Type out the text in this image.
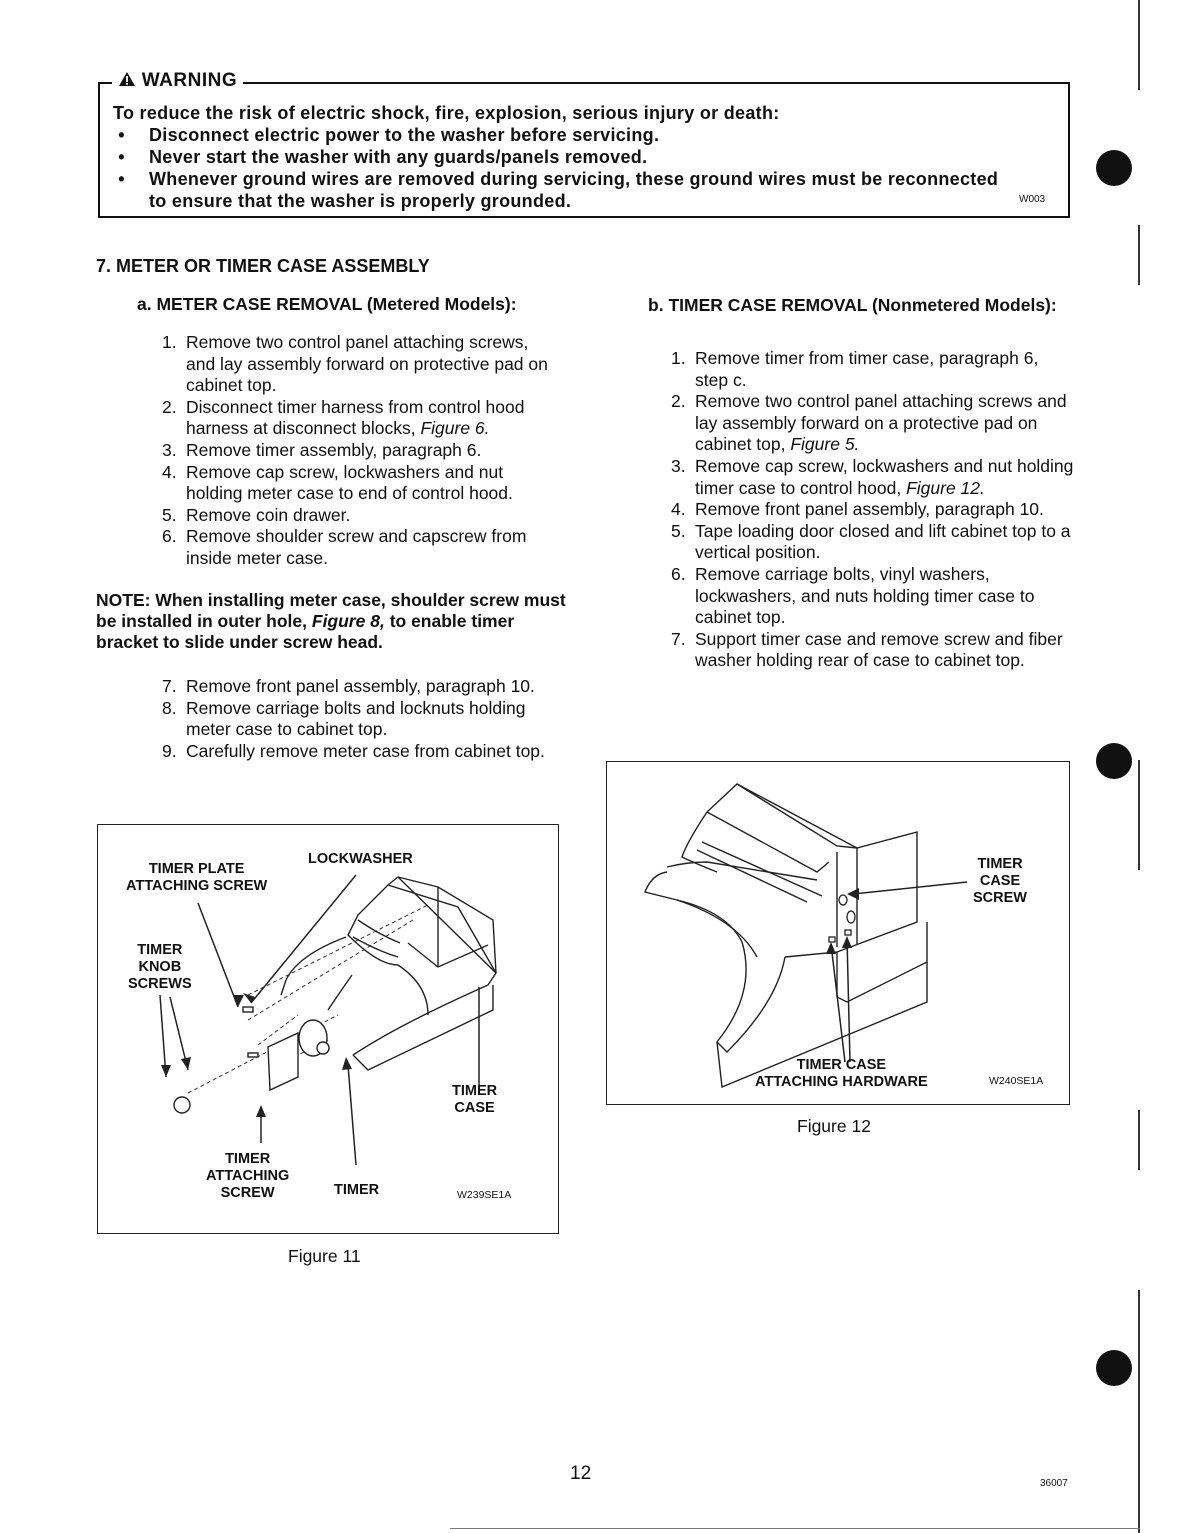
WARNING
To reduce the risk of electric shock, fire, explosion, serious injury or death:
• Disconnect electric power to the washer before servicing.
• Never start the washer with any guards/panels removed.
• Whenever ground wires are removed during servicing, these ground wires must be reconnected to ensure that the washer is properly grounded.	W003
7. METER OR TIMER CASE ASSEMBLY
a. METER CASE REMOVAL (Metered Models):
1. Remove two control panel attaching screws, and lay assembly forward on protective pad on cabinet top.
2. Disconnect timer harness from control hood harness at disconnect blocks, Figure 6.
3. Remove timer assembly, paragraph 6.
4. Remove cap screw, lockwashers and nut holding meter case to end of control hood.
5. Remove coin drawer.
6. Remove shoulder screw and capscrew from inside meter case.
NOTE: When installing meter case, shoulder screw must be installed in outer hole, Figure 8, to enable timer bracket to slide under screw head.
7. Remove front panel assembly, paragraph 10.
8. Remove carriage bolts and locknuts holding meter case to cabinet top.
9. Carefully remove meter case from cabinet top.
b. TIMER CASE REMOVAL (Nonmetered Models):
1. Remove timer from timer case, paragraph 6, step c.
2. Remove two control panel attaching screws and lay assembly forward on a protective pad on cabinet top, Figure 5.
3. Remove cap screw, lockwashers and nut holding timer case to control hood, Figure 12.
4. Remove front panel assembly, paragraph 10.
5. Tape loading door closed and lift cabinet top to a vertical position.
6. Remove carriage bolts, vinyl washers, lockwashers, and nuts holding timer case to cabinet top.
7. Support timer case and remove screw and fiber washer holding rear of case to cabinet top.
TIMER PLATE
ATTACHING SCREW
LOCKWASHER
TIMER
KNOB
SCREWS
TIMER
CASE
TIMER
ATTACHING
SCREW	TIMER	W239SE1A
Figure 11
TIMER
CASE
SCREW
TIMER CASE
ATTACHING HARDWARE	W240SE1A
Figure 12
12	36007
